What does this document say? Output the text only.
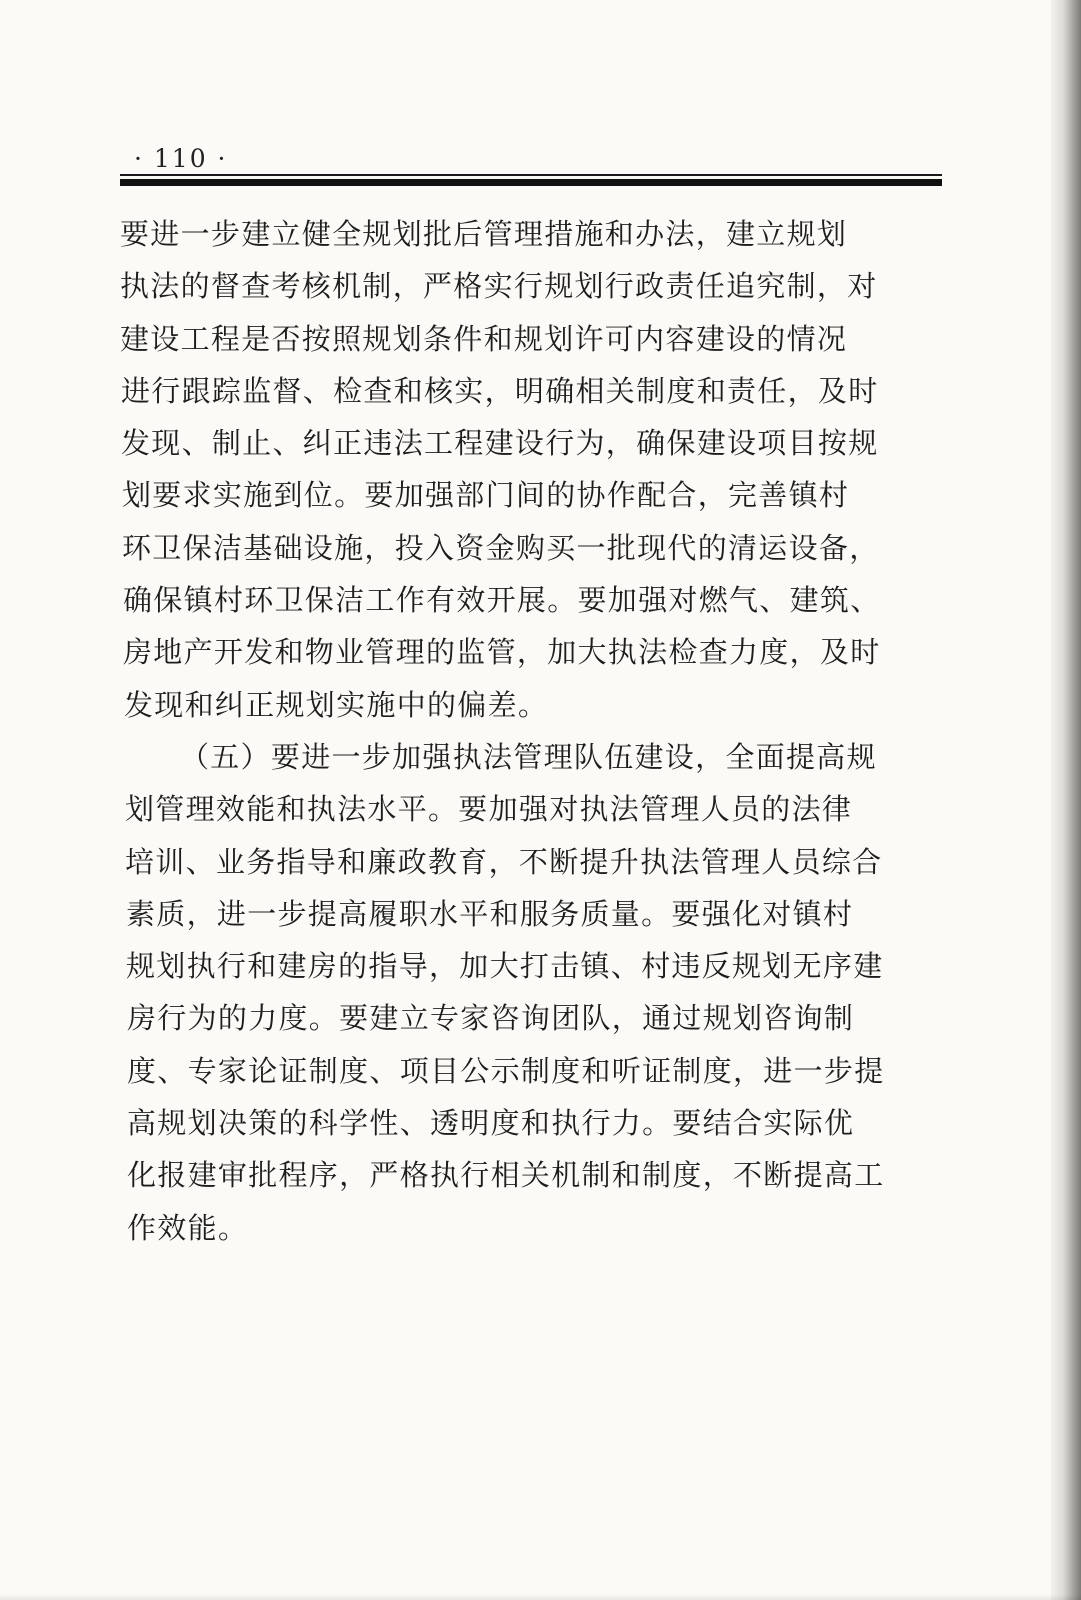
· 110 ·
要进一步建立健全规划批后管理措施和办法，建立规划
执法的督查考核机制，严格实行规划行政责任追究制，对
建设工程是否按照规划条件和规划许可内容建设的情况
进行跟踪监督、检查和核实，明确相关制度和责任，及时
发现、制止、纠正违法工程建设行为，确保建设项目按规
划要求实施到位。要加强部门间的协作配合，完善镇村
环卫保洁基础设施，投入资金购买一批现代的清运设备，
确保镇村环卫保洁工作有效开展。要加强对燃气、建筑、
房地产开发和物业管理的监管，加大执法检查力度，及时
发现和纠正规划实施中的偏差。
（五）要进一步加强执法管理队伍建设，全面提高规
划管理效能和执法水平。要加强对执法管理人员的法律
培训、业务指导和廉政教育，不断提升执法管理人员综合
素质，进一步提高履职水平和服务质量。要强化对镇村
规划执行和建房的指导，加大打击镇、村违反规划无序建
房行为的力度。要建立专家咨询团队，通过规划咨询制
度、专家论证制度、项目公示制度和听证制度，进一步提
高规划决策的科学性、透明度和执行力。要结合实际优
化报建审批程序，严格执行相关机制和制度，不断提高工
作效能。
